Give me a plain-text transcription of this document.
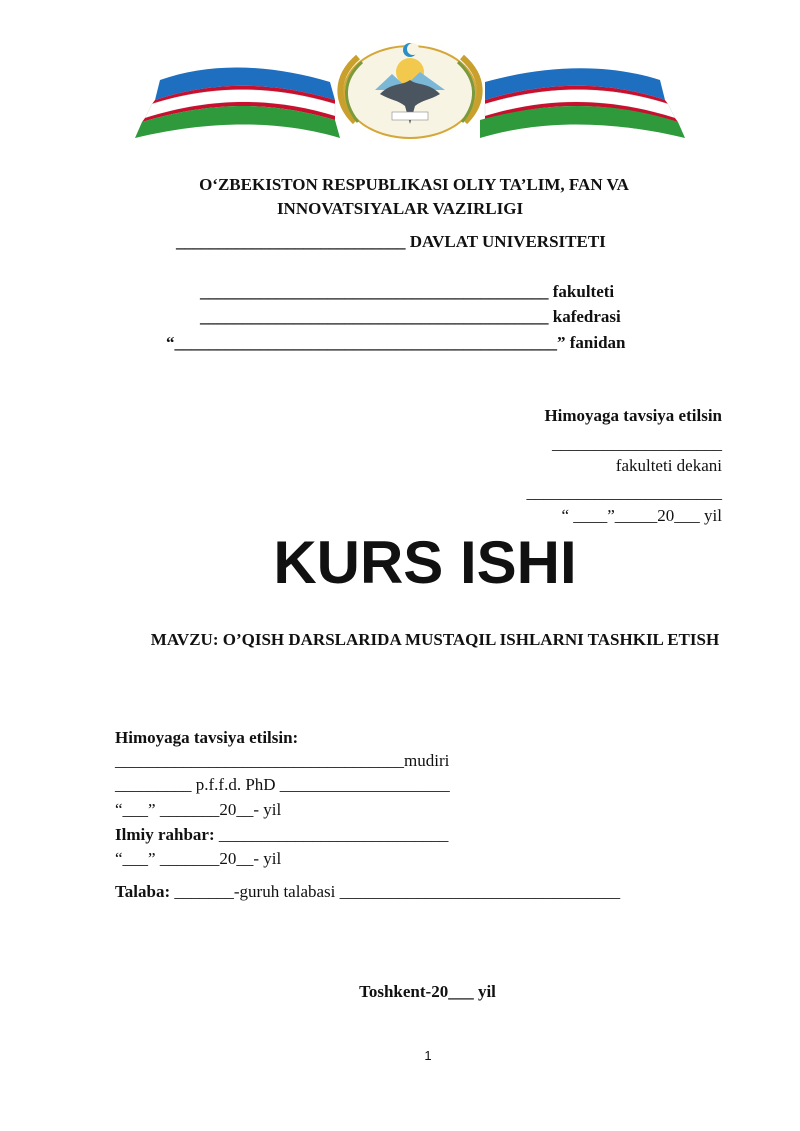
O‘ZBEKISTON RESPUBLIKASI OLIY TA’LIM, FAN VA
INNOVATSIYALAR VAZIRLIGI
___________________________ DAVLAT UNIVERSITETI
_________________________________________ fakulteti
_________________________________________ kafedrasi
“_____________________________________________” fanidan
Himoyaga tavsiya etilsin
____________________
fakulteti dekani
_______________________
“ ____”_____20___ yil
KURS ISHI
MAVZU: O’QISH DARSLARIDA MUSTAQIL ISHLARNI TASHKIL ETISH
Himoyaga tavsiya etilsin:
__________________________________mudiri
_________ p.f.f.d. PhD ____________________
“___” _______20__- yil
Ilmiy rahbar: ___________________________
“___” _______20__- yil
Talaba: _______-guruh talabasi _________________________________
Toshkent-20___ yil
1
